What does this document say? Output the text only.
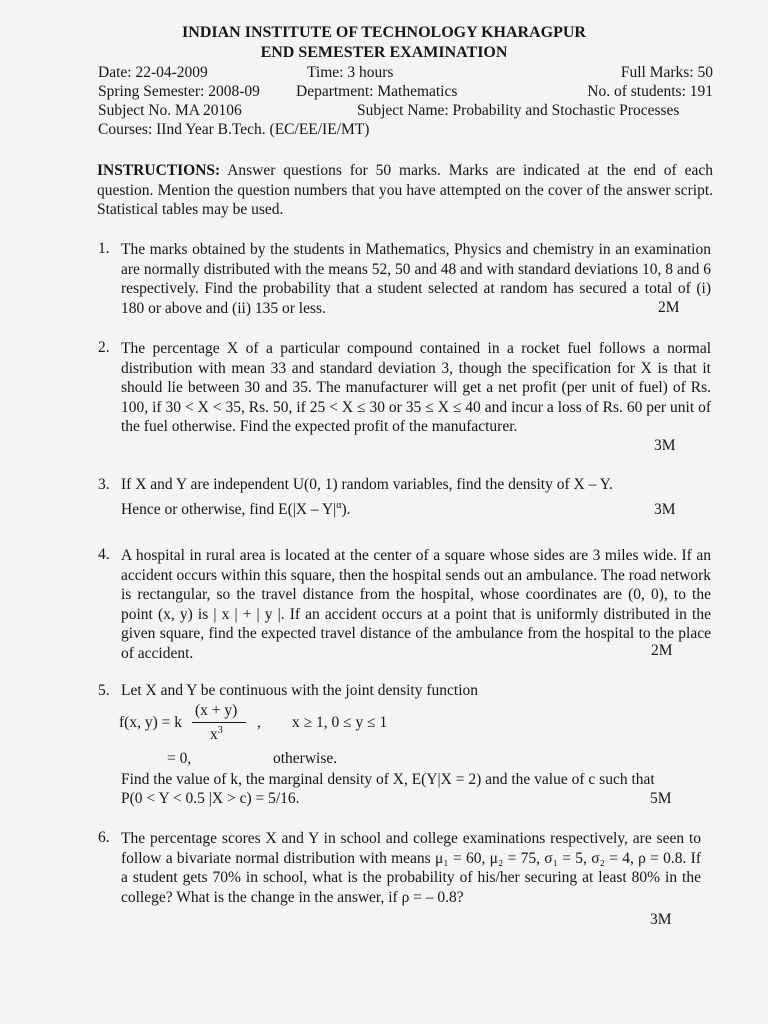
INDIAN INSTITUTE OF TECHNOLOGY KHARAGPUR
END SEMESTER EXAMINATION
Date: 22-04-2009	Time: 3 hours	Full Marks: 50
Spring Semester: 2008-09 Department: Mathematics	No. of students: 191
Subject No. MA 20106	Subject Name: Probability and Stochastic Processes
Courses: IInd Year B.Tech. (EC/EE/IE/MT)
INSTRUCTIONS: Answer questions for 50 marks. Marks are indicated at the end of each question. Mention the question numbers that you have attempted on the cover of the answer script. Statistical tables may be used.
1. The marks obtained by the students in Mathematics, Physics and chemistry in an examination are normally distributed with the means 52, 50 and 48 and with standard deviations 10, 8 and 6 respectively. Find the probability that a student selected at random has secured a total of (i) 180 or above and (ii) 135 or less.	2M
2. The percentage X of a particular compound contained in a rocket fuel follows a normal distribution with mean 33 and standard deviation 3, though the specification for X is that it should lie between 30 and 35. The manufacturer will get a net profit (per unit of fuel) of Rs. 100, if 30 < X < 35, Rs. 50, if 25 < X ≤ 30 or 35 ≤ X ≤ 40 and incur a loss of Rs. 60 per unit of the fuel otherwise. Find the expected profit of the manufacturer.
3M
3. If X and Y are independent U(0, 1) random variables, find the density of X – Y.
Hence or otherwise, find $E(|X - Y|^\alpha)$.	3M
4. A hospital in rural area is located at the center of a square whose sides are 3 miles wide. If an accident occurs within this square, then the hospital sends out an ambulance. The road network is rectangular, so the travel distance from the hospital, whose coordinates are (0, 0), to the point (x, y) is | x | + | y |. If an accident occurs at a point that is uniformly distributed in the given square, find the expected travel distance of the ambulance from the hospital to the place of accident.	2M
5. Let X and Y be continuous with the joint density function
f(x, y) = k
(x + y)
$x^3$ , x ≥ 1, 0 ≤ y ≤ 1
= 0,	otherwise.
Find the value of k, the marginal density of X, E(Y|X = 2) and the value of c such that
P(0 < Y < 0.5 |X > c) = 5/16.	5M
6. The percentage scores X and Y in school and college examinations respectively, are seen to follow a bivariate normal distribution with means μ₁ = 60, μ₂ = 75, σ₁ = 5, σ₂ = 4, ρ = 0.8. If a student gets 70% in school, what is the probability of his/her securing at least 80% in the college? What is the change in the answer, if ρ = – 0.8?
3M
